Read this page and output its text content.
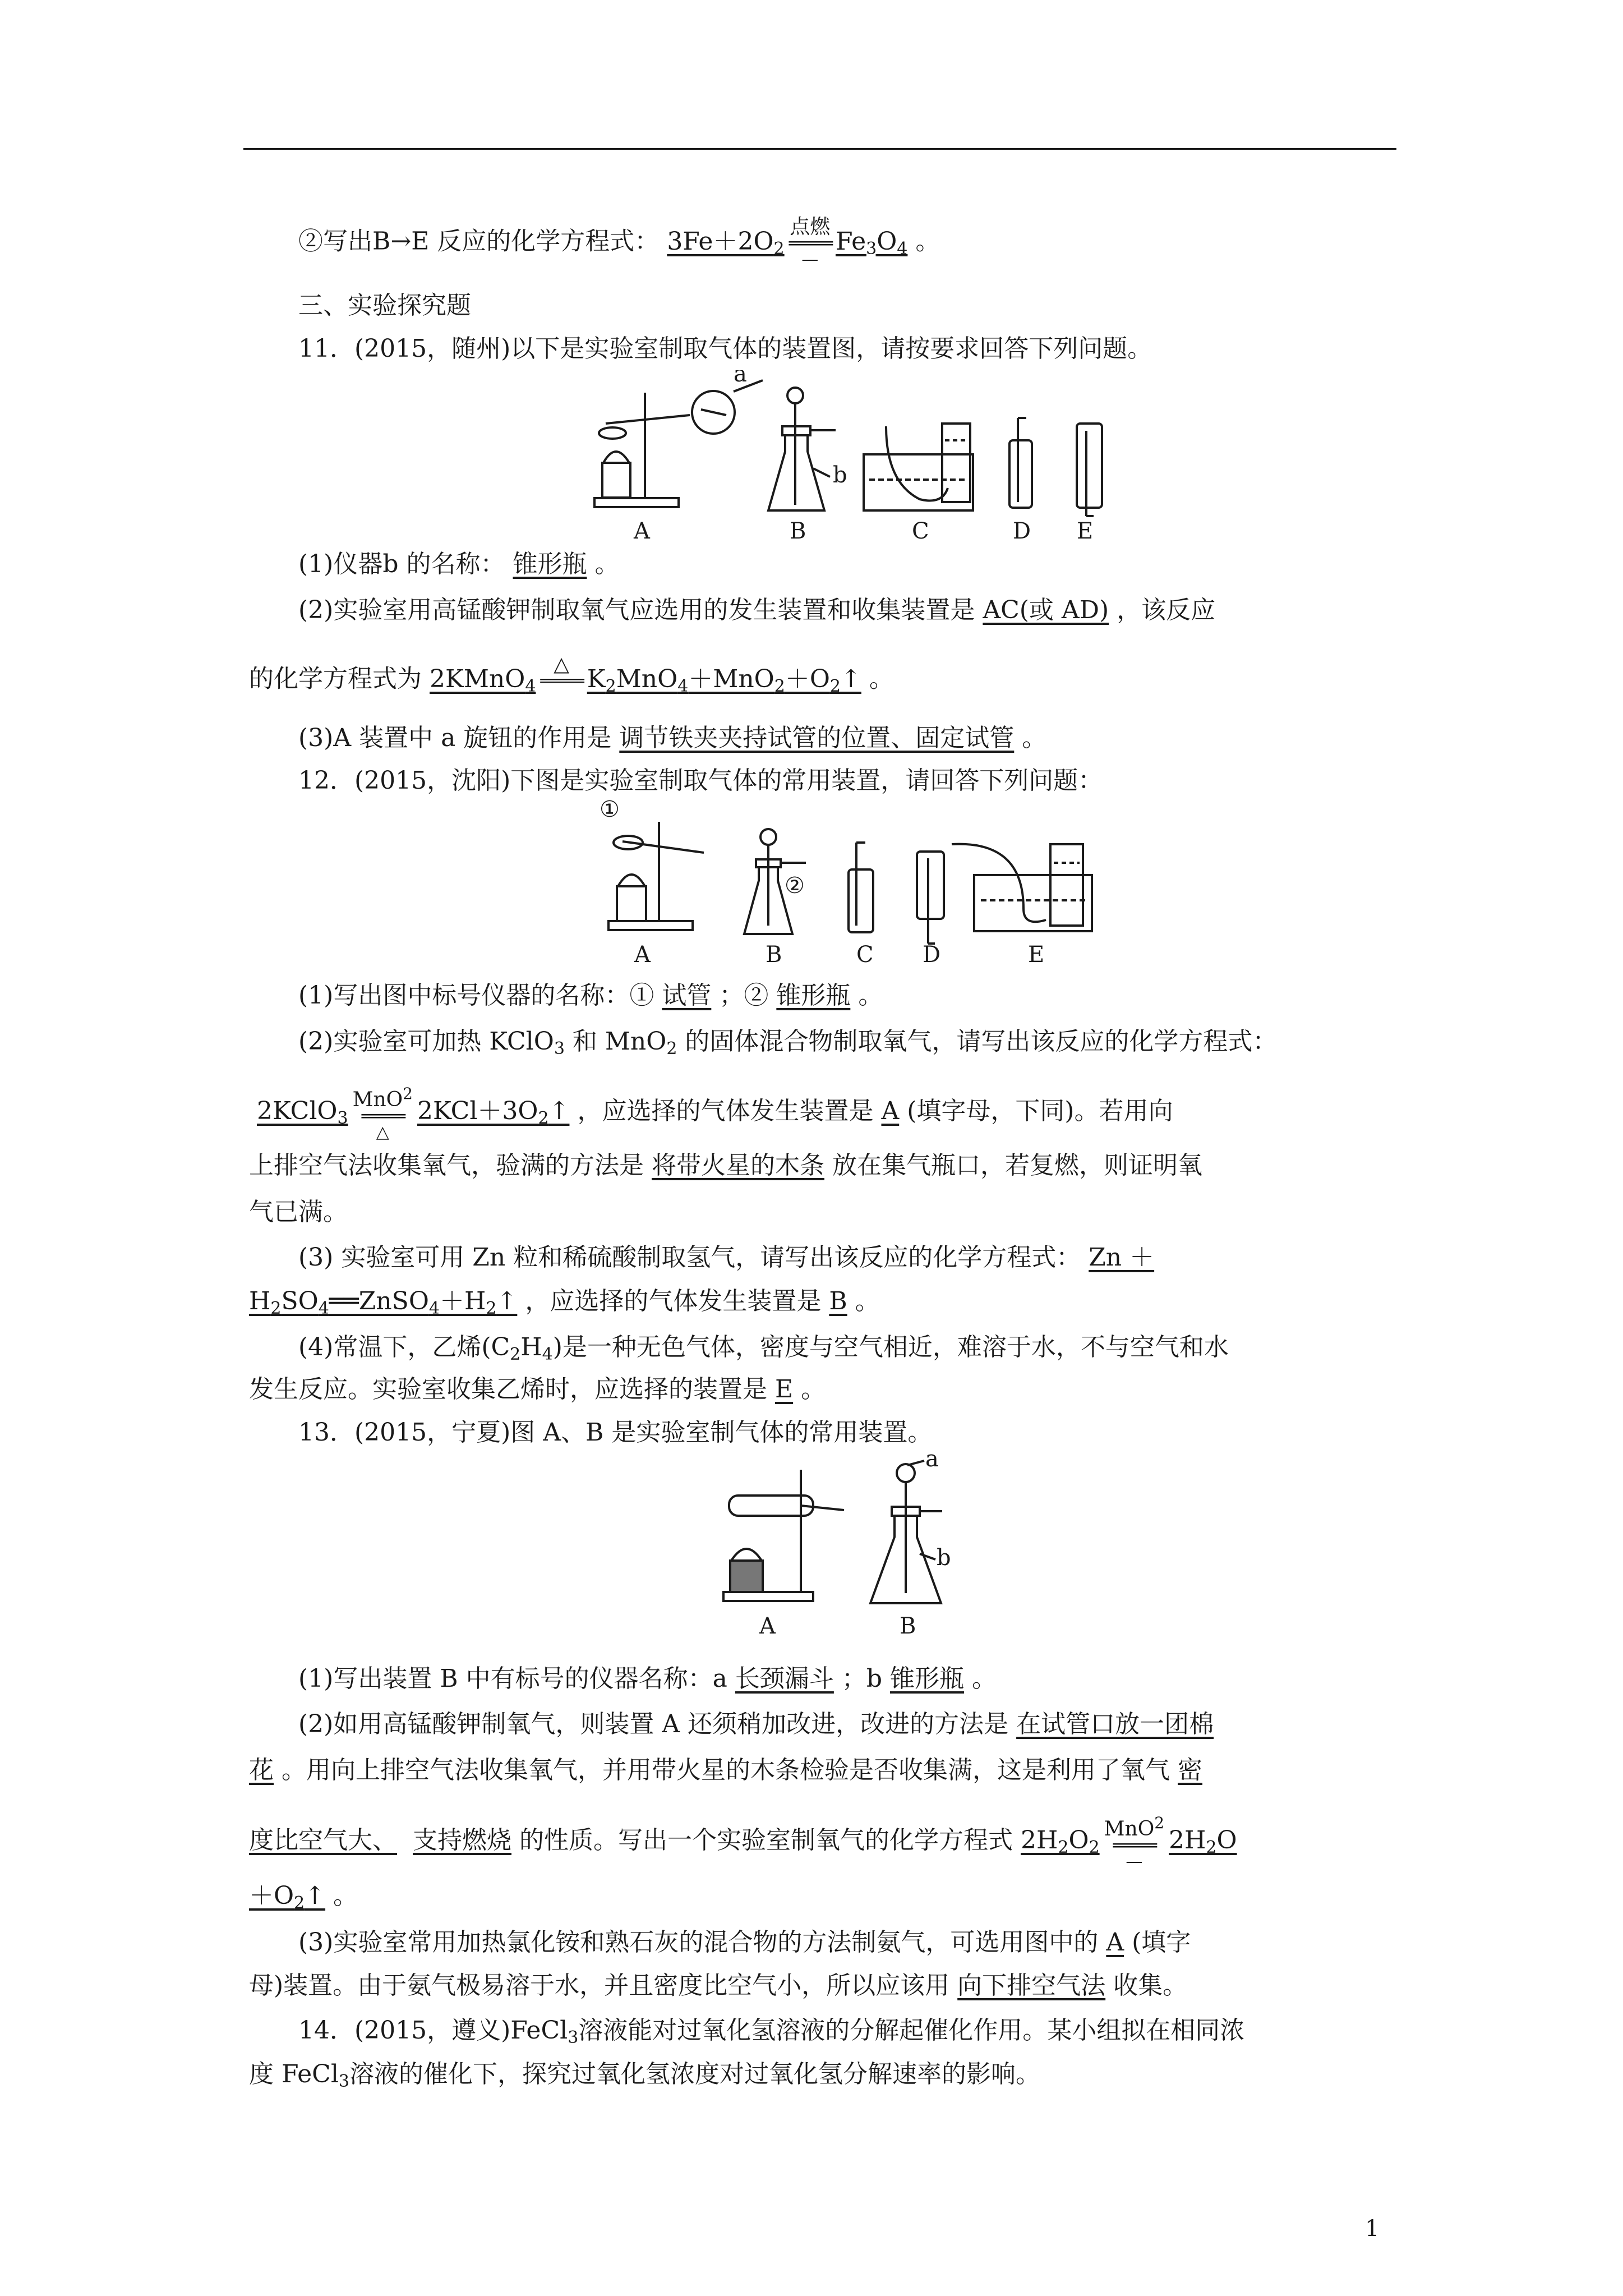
②写出B→E 反应的化学方程式： $3Fe+2O_2$
点燃
═════
—
$Fe_3O_4$ 。
三、实验探究题
11．(2015，随州)以下是实验室制取气体的装置图，请按要求回答下列问题。
a
b
A	B	C	D E
(1)仪器b 的名称： 锥形瓶 。
(2)实验室用高锰酸钾制取氧气应选用的发生装置和收集装置是 AC(或 AD) ，该反应
的化学方程式为 2KMnO$_4$
△
═════
$K_2MnO_4+MnO_2+O_2↑$ 。
(3)A 装置中 a 旋钮的作用是 调节铁夹夹持试管的位置、固定试管 。
12．(2015，沈阳)下图是实验室制取气体的常用装置，请回答下列问题：
①
②
A	B	C D	E
(1)写出图中标号仪器的名称：① 试管 ；② 锥形瓶 。
(2)实验室可加热 KClO$_3$ 和 MnO$_2$ 的固体混合物制取氧气，请写出该反应的化学方程式：
2KClO$_3$
MnO$^2$
═════
△
$2KCl+3O_2↑$ ，应选择的气体发生装置是 A (填字母，下同)。若用向
上排空气法收集氧气，验满的方法是 将带火星的木条 放在集气瓶口，若复燃，则证明氧
气已满。
(3) 实验室可用 Zn 粒和稀硫酸制取氢气，请写出该反应的化学方程式： Zn ＋
$H_2SO_4══ZnSO_4+H_2↑$ ，应选择的气体发生装置是 B 。
(4)常温下，乙烯$(C_2H_4)$是一种无色气体，密度与空气相近，难溶于水，不与空气和水
发生反应。实验室收集乙烯时，应选择的装置是 E 。
13．(2015，宁夏)图 A、B 是实验室制气体的常用装置。
a
b
A	B
(1)写出装置 B 中有标号的仪器名称：a 长颈漏斗 ；b 锥形瓶 。
(2)如用高锰酸钾制氧气，则装置 A 还须稍加改进，改进的方法是 在试管口放一团棉
花 。用向上排空气法收集氧气，并用带火星的木条检验是否收集满，这是利用了氧气 密
度比空气大、 支持燃烧 的性质。写出一个实验室制氧气的化学方程式 $2H_2O_2$
MnO$^2$
═════
—
$2H_2O$
$+O_2↑$ 。
(3)实验室常用加热氯化铵和熟石灰的混合物的方法制氨气，可选用图中的 A (填字
母)装置。由于氨气极易溶于水，并且密度比空气小，所以应该用 向下排空气法 收集。
14．(2015，遵义)FeCl$_3$溶液能对过氧化氢溶液的分解起催化作用。某小组拟在相同浓
度 FeCl$_3$溶液的催化下，探究过氧化氢浓度对过氧化氢分解速率的影响。
1
